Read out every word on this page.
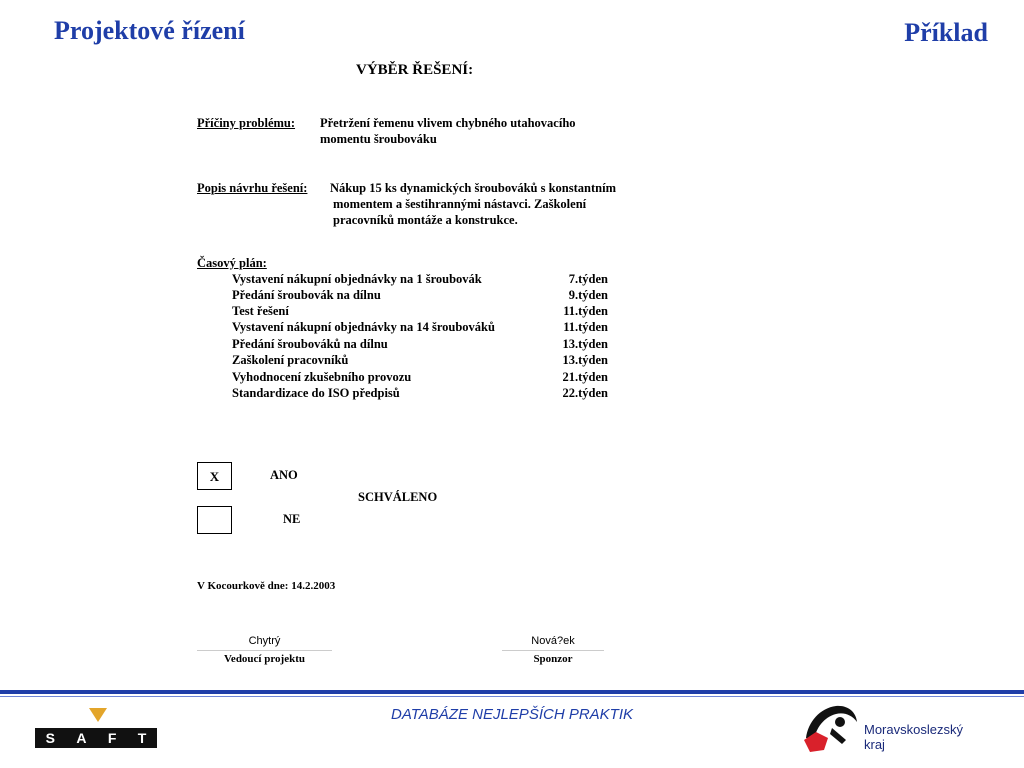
Projektové řízení	Příklad
VÝBĚR ŘEŠENÍ:
Příčiny problému: Přetržení řemenu vlivem chybného utahovacího
momentu šroubováku
Popis návrhu řešení: Nákup 15 ks dynamických šroubováků s konstantním
momentem a šestihrannými nástavci. Zaškolení
pracovníků montáže a konstrukce.
Časový plán:
Vystavení nákupní objednávky na 1 šroubovák	7.týden
Předání šroubovák na dílnu	9.týden
Test řešení	11.týden
Vystavení nákupní objednávky na 14 šroubováků	11.týden
Předání šroubováků na dílnu	13.týden
Zaškolení pracovníků	13.týden
Vyhodnocení zkušebního provozu	21.týden
Standardizace do ISO předpisů	22.týden
X	ANO
SCHVÁLENO
NE
V Kocourkově dne: 14.2.2003
Chytrý
Vedoucí projektu
Nová?ek
Sponzor
DATABÁZE NEJLEPŠÍCH PRAKTIK
S A F T
Moravskoslezský
kraj
